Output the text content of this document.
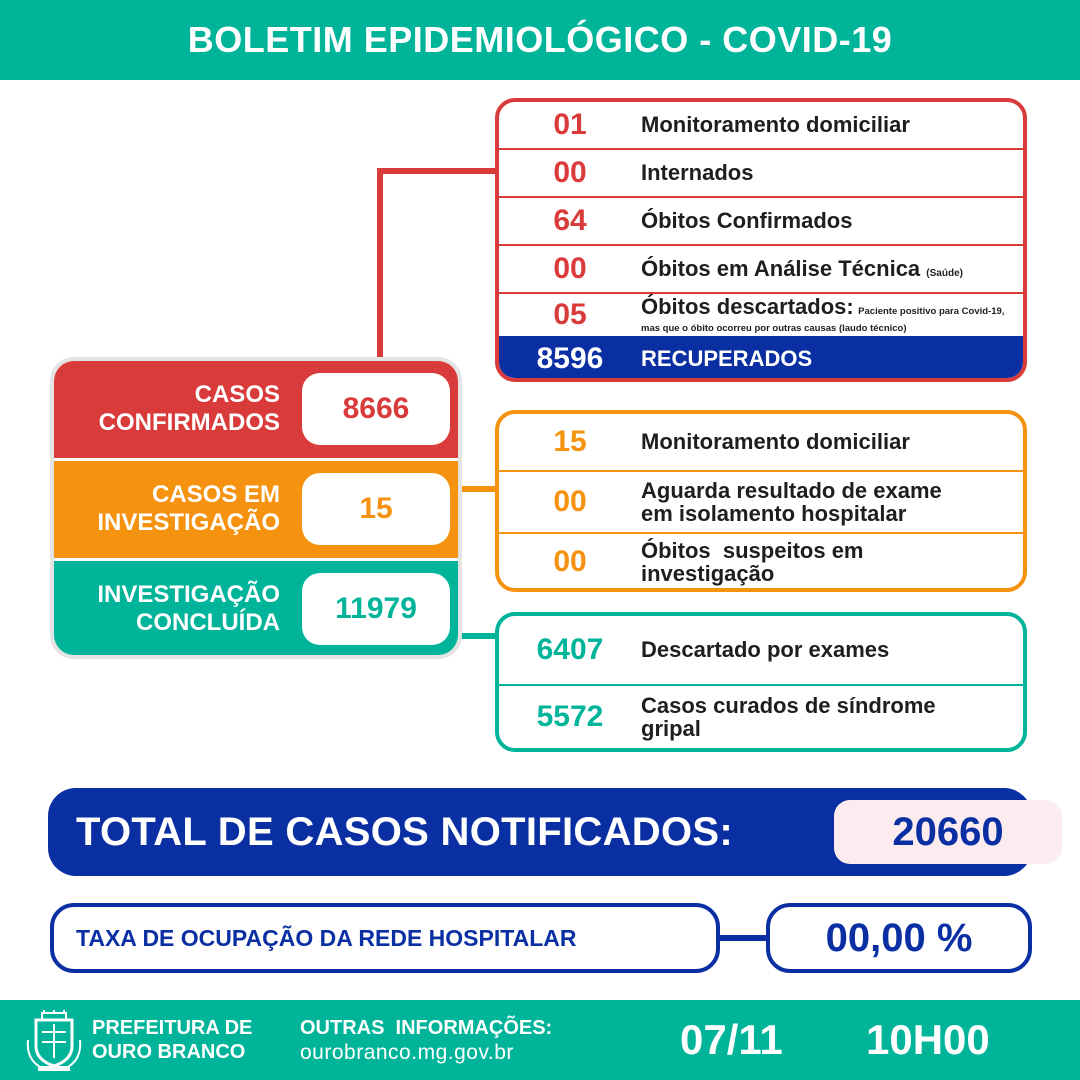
BOLETIM EPIDEMIOLÓGICO - COVID-19
01	Monitoramento domiciliar
00	Internados
64	Óbitos Confirmados
00	Óbitos em Análise Técnica (Saúde)
05	Óbitos descartados: Paciente positivo para Covid-19, mas que o óbito ocorreu por outras causas (laudo técnico)
8596	RECUPERADOS
CASOS
CONFIRMADOS	8666
CASOS EM
INVESTIGAÇÃO	15
INVESTIGAÇÃO
CONCLUÍDA	11979
15	Monitoramento domiciliar
00	Aguarda resultado de exame
em isolamento hospitalar
00	Óbitos  suspeitos em
investigação
6407	Descartado por exames
5572	Casos curados de síndrome
gripal
TOTAL DE CASOS NOTIFICADOS:	20660
TAXA DE OCUPAÇÃO DA REDE HOSPITALAR	00,00 %
PREFEITURA DE
OURO BRANCO
OUTRAS  INFORMAÇÕES:
ourobranco.mg.gov.br	07/11 10H00
